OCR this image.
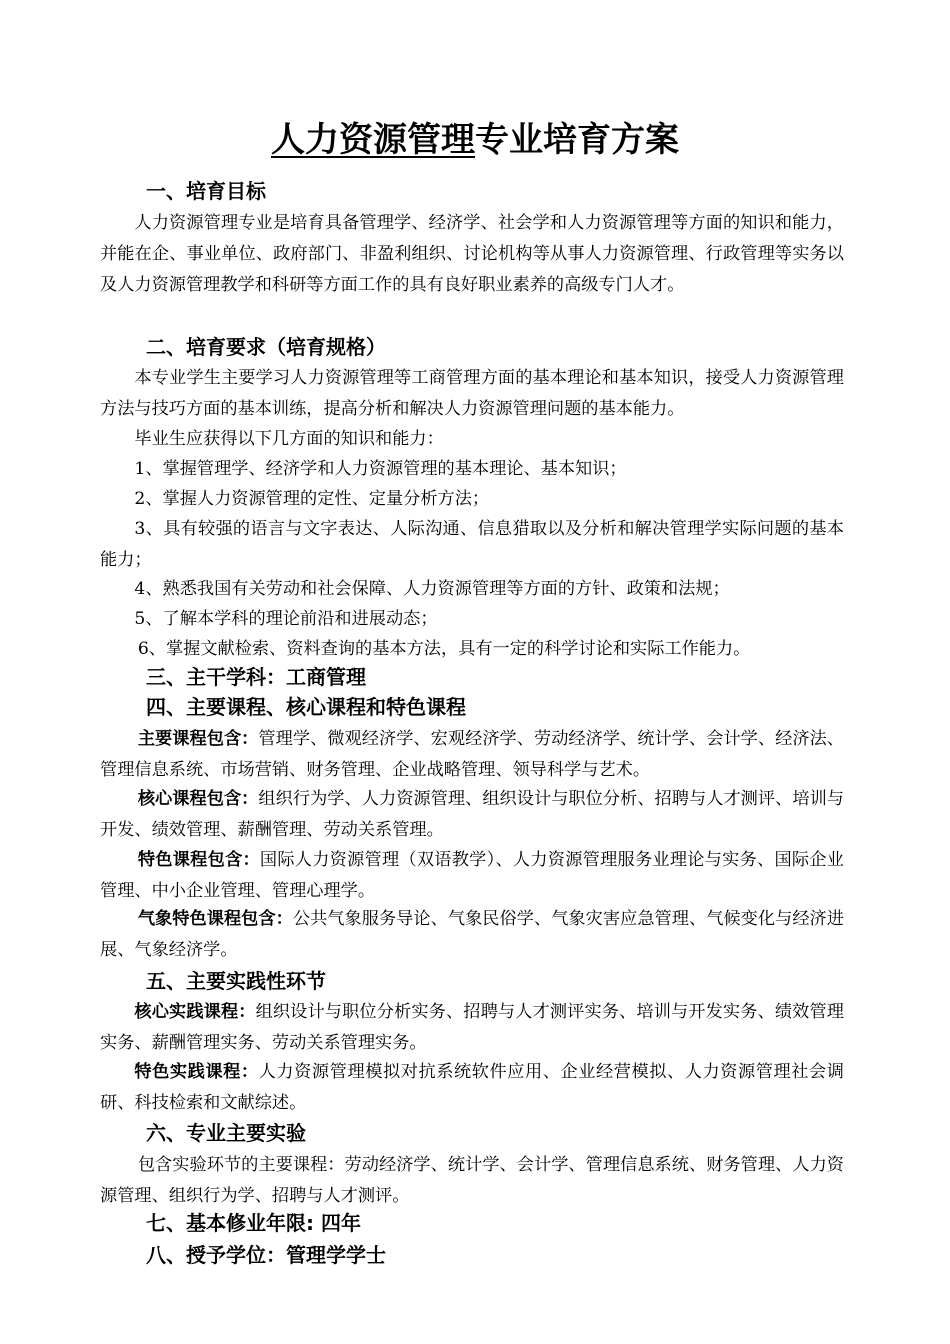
人力资源管理专业培育方案
一、培育目标
人力资源管理专业是培育具备管理学、经济学、社会学和人力资源管理等方面的知识和能力，并能在企、事业单位、政府部门、非盈利组织、讨论机构等从事人力资源管理、行政管理等实务以及人力资源管理教学和科研等方面工作的具有良好职业素养的高级专门人才。
二、培育要求（培育规格）
本专业学生主要学习人力资源管理等工商管理方面的基本理论和基本知识，接受人力资源管理方法与技巧方面的基本训练，提高分析和解决人力资源管理问题的基本能力。
毕业生应获得以下几方面的知识和能力：
1、掌握管理学、经济学和人力资源管理的基本理论、基本知识；
2、掌握人力资源管理的定性、定量分析方法；
3、具有较强的语言与文字表达、人际沟通、信息猎取以及分析和解决管理学实际问题的基本能力；
4、熟悉我国有关劳动和社会保障、人力资源管理等方面的方针、政策和法规；
5、了解本学科的理论前沿和进展动态；
6、掌握文献检索、资料查询的基本方法，具有一定的科学讨论和实际工作能力。
三、主干学科：工商管理
四、主要课程、核心课程和特色课程
主要课程包含：管理学、微观经济学、宏观经济学、劳动经济学、统计学、会计学、经济法、管理信息系统、市场营销、财务管理、企业战略管理、领导科学与艺术。
核心课程包含：组织行为学、人力资源管理、组织设计与职位分析、招聘与人才测评、培训与开发、绩效管理、薪酬管理、劳动关系管理。
特色课程包含：国际人力资源管理（双语教学）、人力资源管理服务业理论与实务、国际企业管理、中小企业管理、管理心理学。
气象特色课程包含：公共气象服务导论、气象民俗学、气象灾害应急管理、气候变化与经济进展、气象经济学。
五、主要实践性环节
核心实践课程：组织设计与职位分析实务、招聘与人才测评实务、培训与开发实务、绩效管理实务、薪酬管理实务、劳动关系管理实务。
特色实践课程：人力资源管理模拟对抗系统软件应用、企业经营模拟、人力资源管理社会调研、科技检索和文献综述。
六、专业主要实验
包含实验环节的主要课程：劳动经济学、统计学、会计学、管理信息系统、财务管理、人力资源管理、组织行为学、招聘与人才测评。
七、基本修业年限: 四年
八、授予学位：管理学学士
